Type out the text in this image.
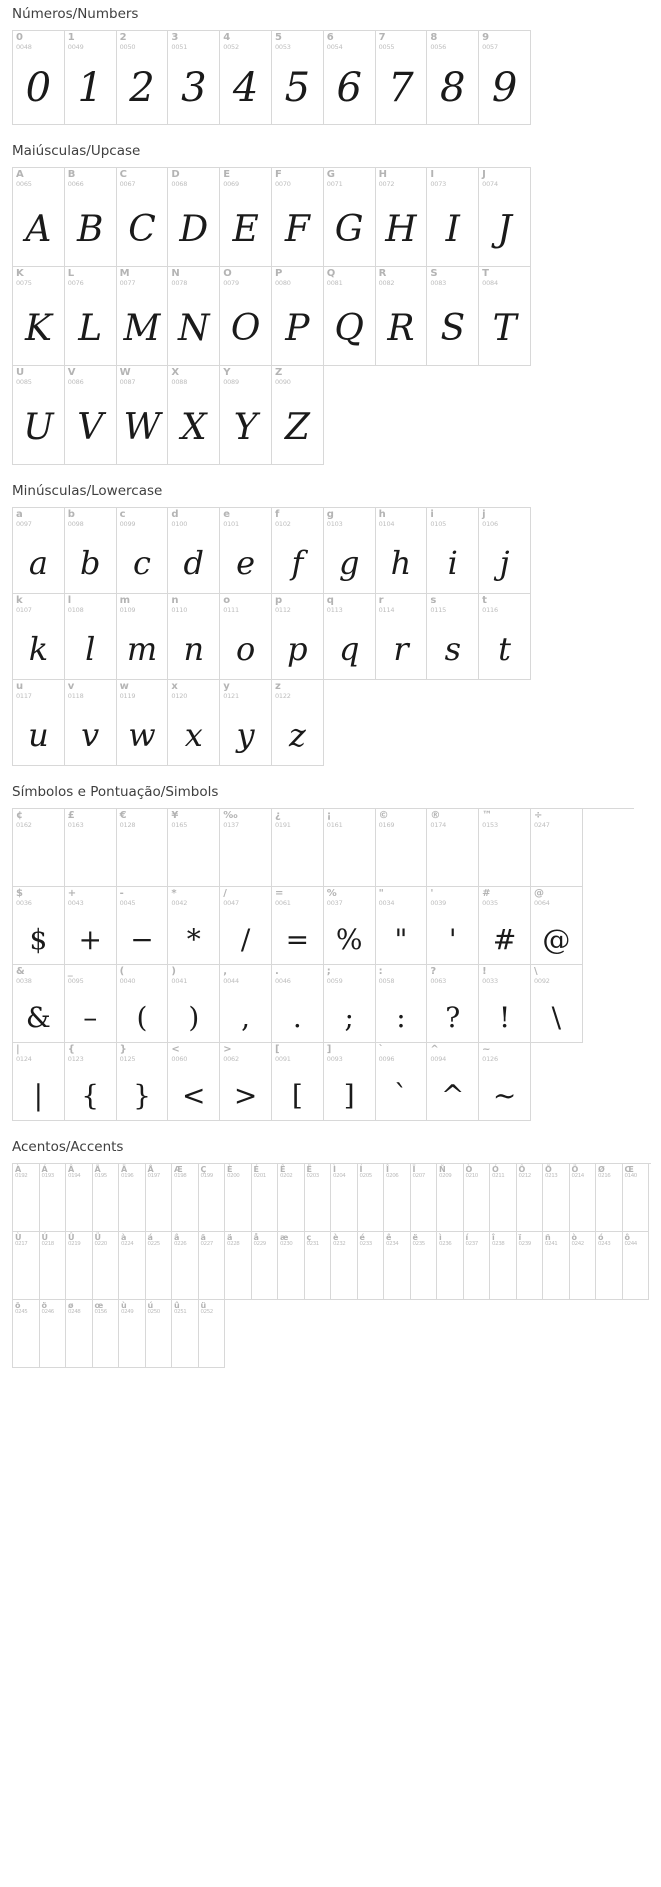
Números/Numbers
0
0048
0
1
0049
1
2
0050
2
3
0051
3
4
0052
4
5
0053
5
6
0054
6
7
0055
7
8
0056
8
9
0057
9
Maiúsculas/Upcase
A
0065
A
B
0066
B
C
0067
C
D
0068
D
E
0069
E
F
0070
F
G
0071
G
H
0072
H
I
0073
I
J
0074
J
K
0075
K
L
0076
L
M
0077
M
N
0078
N
O
0079
O
P
0080
P
Q
0081
Q
R
0082
R
S
0083
S
T
0084
T
U
0085
U
V
0086
V
W
0087
W
X
0088
X
Y
0089
Y
Z
0090
Z
Minúsculas/Lowercase
a
0097
a
b
0098
b
c
0099
c
d
0100
d
e
0101
e
f
0102
f
g
0103
g
h
0104
h
i
0105
i
j
0106
j
k
0107
k
l
0108
l
m
0109
m
n
0110
n
o
0111
o
p
0112
p
q
0113
q
r
0114
r
s
0115
s
t
0116
t
u
0117
u
v
0118
v
w
0119
w
x
0120
x
y
0121
y
z
0122
z
Símbolos e Pontuação/Simbols
¢
0162
£
0163
€
0128
¥
0165
‰
0137
¿
0191
¡
0161
©
0169
®
0174
™
0153
÷
0247
$
0036
$
+
0043
+
-
0045
−
*
0042
*
/
0047
/
=
0061
=
%
0037
%
"
0034
"
'
0039
'
#
0035
#
@
0064
@
&
0038
&
_
0095
–
(
0040
(
)
0041
)
,
0044
,
.
0046
.
;
0059
;
:
0058
:
?
0063
?
!
0033
!
\
0092
\
|
0124
|
{
0123
{
}
0125
}
<
0060
<
>
0062
>
[
0091
[
]
0093
]
`
0096
`
^
0094
^
~
0126
~
Acentos/Accents
À
0192
Á
0193
Â
0194
Ã
0195
Ä
0196
Å
0197
Æ
0198
Ç
0199
È
0200
É
0201
Ê
0202
Ë
0203
Ì
0204
Í
0205
Î
0206
Ï
0207
Ñ
0209
Ò
0210
Ó
0211
Ô
0212
Õ
0213
Ö
0214
Ø
0216
Œ
0140
Ù
0217
Ú
0218
Û
0219
Ü
0220
à
0224
á
0225
â
0226
ã
0227
ä
0228
å
0229
æ
0230
ç
0231
è
0232
é
0233
ê
0234
ë
0235
ì
0236
í
0237
î
0238
ï
0239
ñ
0241
ò
0242
ó
0243
ô
0244
õ
0245
ö
0246
ø
0248
œ
0156
ù
0249
ú
0250
û
0251
ü
0252
